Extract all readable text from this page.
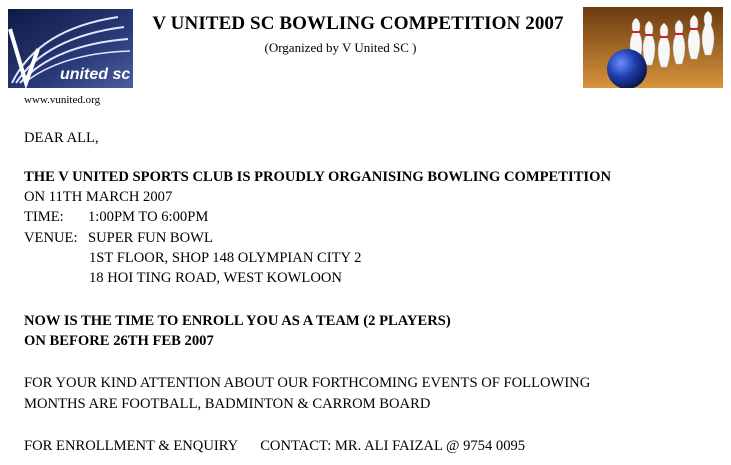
united sc
V UNITED SC BOWLING COMPETITION 2007
(Organized by V United SC )
www.vunited.org
DEAR ALL,
THE V UNITED SPORTS CLUB IS PROUDLY ORGANISING BOWLING COMPETITION
ON 11TH MARCH 2007
TIME: 1:00PM TO 6:00PM
VENUE: SUPER FUN BOWL
1ST FLOOR, SHOP 148 OLYMPIAN CITY 2
18 HOI TING ROAD, WEST KOWLOON
NOW IS THE TIME TO ENROLL YOU AS A TEAM (2 PLAYERS)
ON BEFORE 26TH FEB 2007
FOR YOUR KIND ATTENTION ABOUT OUR FORTHCOMING EVENTS OF FOLLOWING
MONTHS ARE FOOTBALL, BADMINTON & CARROM BOARD
FOR ENROLLMENT & ENQUIRY CONTACT: MR. ALI FAIZAL @ 9754 0095
